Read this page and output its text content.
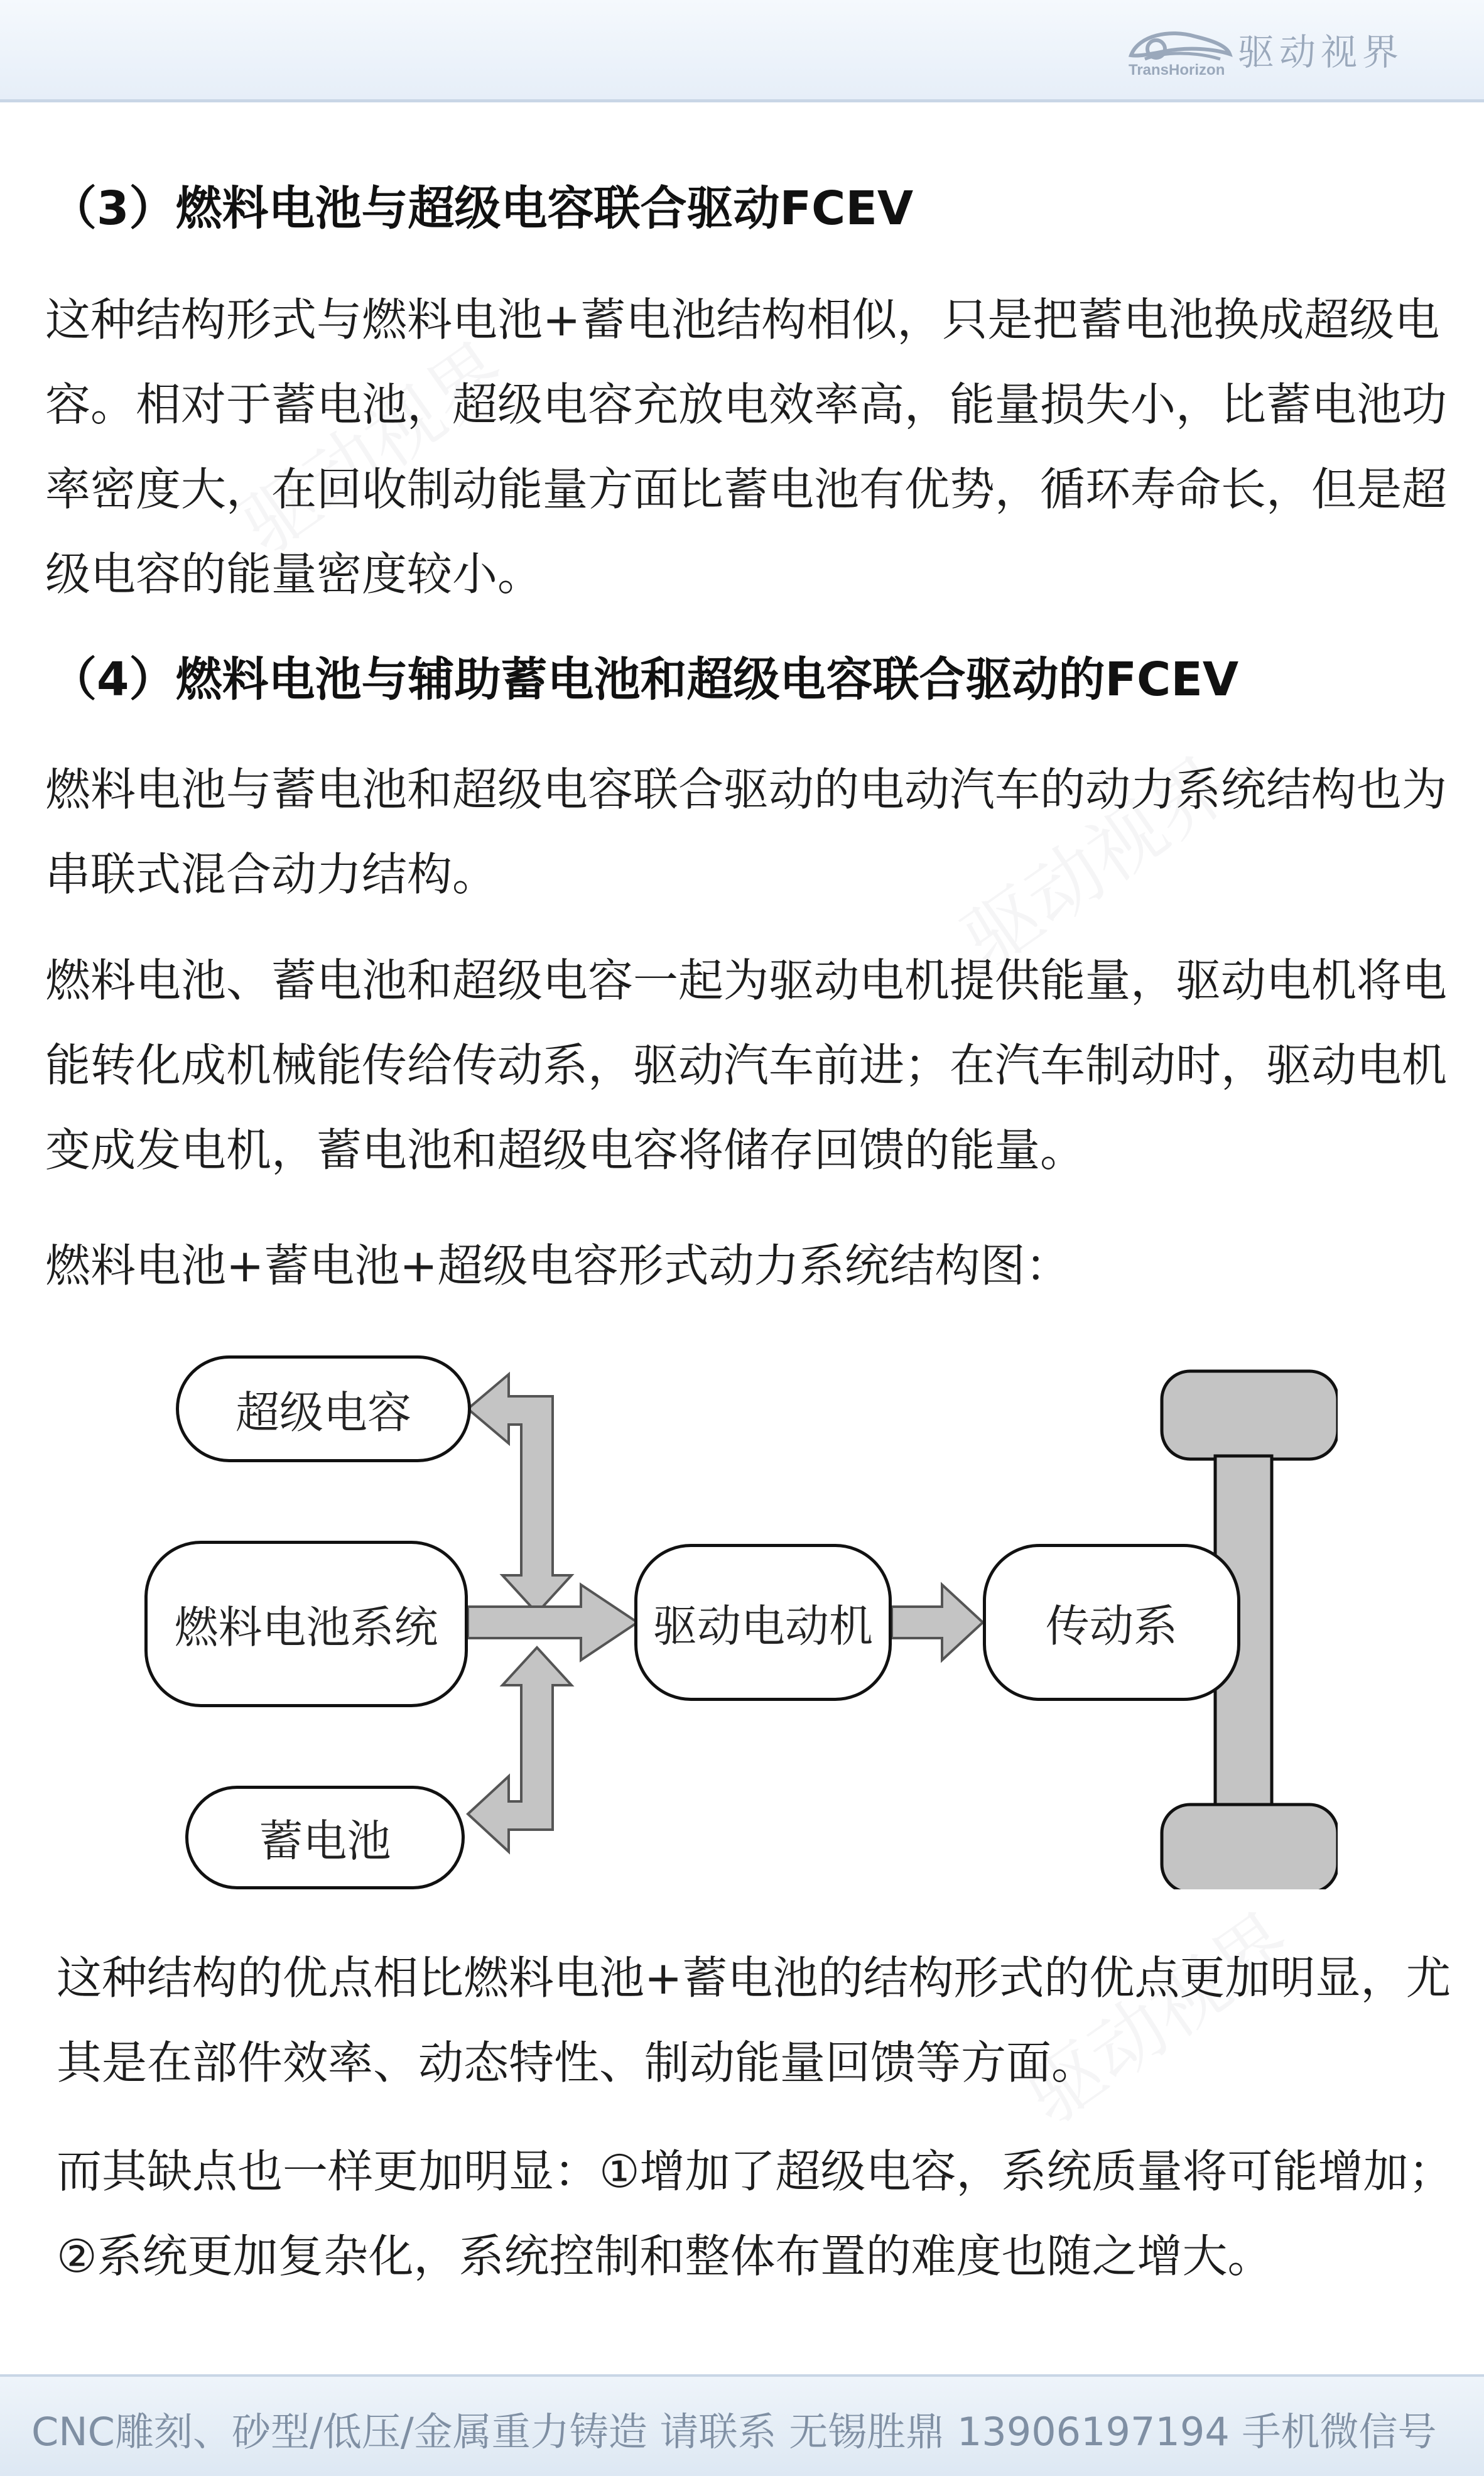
驱动视界
TransHorizon
驱动视界
驱动视界
驱动视界
（3）燃料电池与超级电容联合驱动FCEV

这种结构形式与燃料电池+蓄电池结构相似，只是把蓄电池换成超级电容。相对于蓄电池，超级电容充放电效率高，能量损失小，比蓄电池功率密度大，在回收制动能量方面比蓄电池有优势，循环寿命长，但是超级电容的能量密度较小。

（4）燃料电池与辅助蓄电池和超级电容联合驱动的FCEV

燃料电池与蓄电池和超级电容联合驱动的电动汽车的动力系统结构也为串联式混合动力结构。

燃料电池、蓄电池和超级电容一起为驱动电机提供能量，驱动电机将电能转化成机械能传给传动系，驱动汽车前进；在汽车制动时，驱动电机变成发电机，蓄电池和超级电容将储存回馈的能量。

燃料电池+蓄电池+超级电容形式动力系统结构图：

超级电容
燃料电池系统
蓄电池
驱动电动机	传动系

这种结构的优点相比燃料电池+蓄电池的结构形式的优点更加明显，尤其是在部件效率、动态特性、制动能量回馈等方面。

而其缺点也一样更加明显：①增加了超级电容，系统质量将可能增加；②系统更加复杂化，系统控制和整体布置的难度也随之增大。

CNC雕刻、砂型/低压/金属重力铸造 请联系 无锡胜鼎 13906197194 手机微信号
